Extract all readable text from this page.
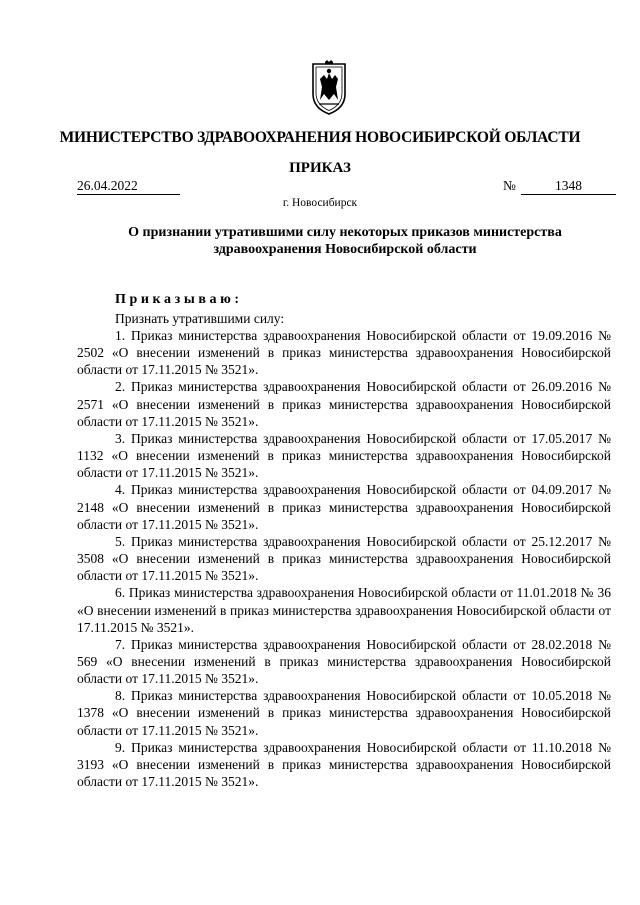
МИНИСТЕРСТВО ЗДРАВООХРАНЕНИЯ НОВОСИБИРСКОЙ ОБЛАСТИ
ПРИКАЗ
26.04.2022	№	1348
г. Новосибирск
О признании утратившими силу некоторых приказов министерства здравоохранения Новосибирской области
Приказываю:
Признать утратившими силу:

1. Приказ министерства здравоохранения Новосибирской области от 19.09.2016 № 2502 «О внесении изменений в приказ министерства здравоохранения Новосибирской области от 17.11.2015 № 3521».

2. Приказ министерства здравоохранения Новосибирской области от 26.09.2016 № 2571 «О внесении изменений в приказ министерства здравоохранения Новосибирской области от 17.11.2015 № 3521».

3. Приказ министерства здравоохранения Новосибирской области от 17.05.2017 № 1132 «О внесении изменений в приказ министерства здравоохранения Новосибирской области от 17.11.2015 № 3521».

4. Приказ министерства здравоохранения Новосибирской области от 04.09.2017 № 2148 «О внесении изменений в приказ министерства здравоохранения Новосибирской области от 17.11.2015 № 3521».

5. Приказ министерства здравоохранения Новосибирской области от 25.12.2017 № 3508 «О внесении изменений в приказ министерства здравоохранения Новосибирской области от 17.11.2015 № 3521».

6. Приказ министерства здравоохранения Новосибирской области от 11.01.2018 № 36 «О внесении изменений в приказ министерства здравоохранения Новосибирской области от 17.11.2015 № 3521».

7. Приказ министерства здравоохранения Новосибирской области от 28.02.2018 № 569 «О внесении изменений в приказ министерства здравоохранения Новосибирской области от 17.11.2015 № 3521».

8. Приказ министерства здравоохранения Новосибирской области от 10.05.2018 № 1378 «О внесении изменений в приказ министерства здравоохранения Новосибирской области от 17.11.2015 № 3521».

9. Приказ министерства здравоохранения Новосибирской области от 11.10.2018 № 3193 «О внесении изменений в приказ министерства здравоохранения Новосибирской области от 17.11.2015 № 3521».
